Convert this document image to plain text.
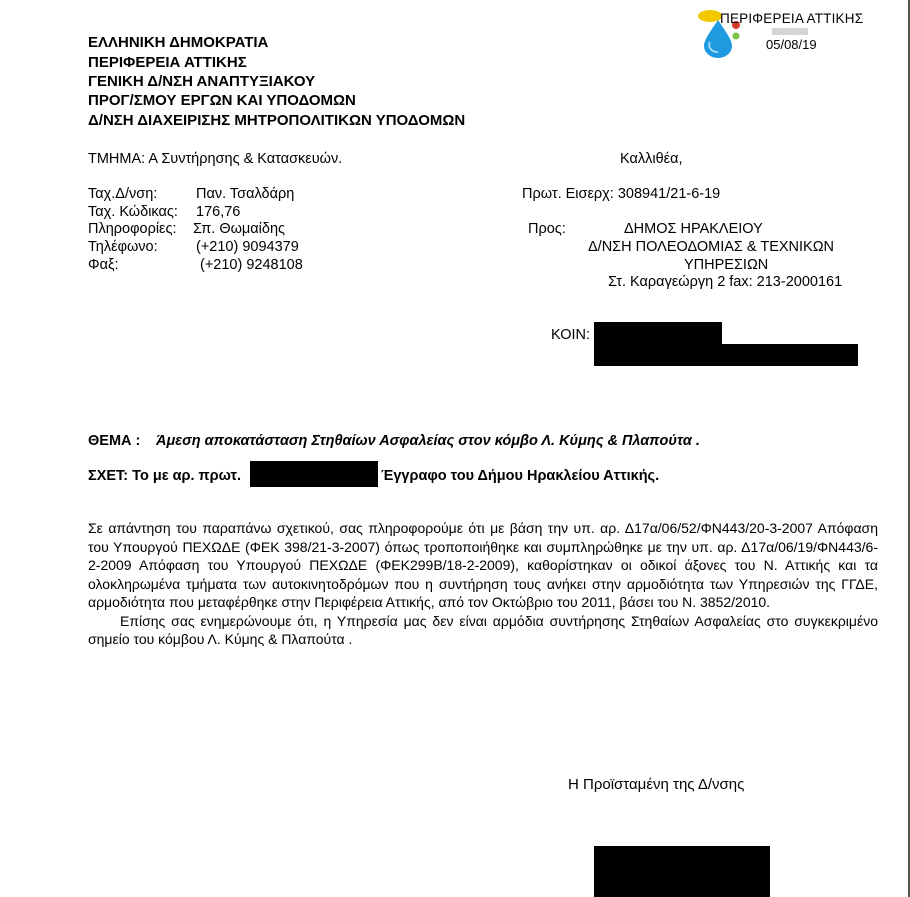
ΠΕΡΙΦΕΡΕΙΑ ΑΤΤΙΚΗΣ
05/08/19
ΕΛΛΗΝΙΚΗ ΔΗΜΟΚΡΑΤΙΑ
ΠΕΡΙΦΕΡΕΙΑ ΑΤΤΙΚΗΣ
ΓΕΝΙΚΗ Δ/ΝΣΗ ΑΝΑΠΤΥΞΙΑΚΟΥ
ΠΡΟΓ/ΣΜΟΥ ΕΡΓΩΝ ΚΑΙ ΥΠΟΔΟΜΩΝ
Δ/ΝΣΗ ΔΙΑΧΕΙΡΙΣΗΣ ΜΗΤΡΟΠΟΛΙΤΙΚΩΝ ΥΠΟΔΟΜΩΝ
ΤΜΗΜΑ: Α Συντήρησης & Κατασκευών.	Καλλιθέα,
Ταχ.Δ/νση:	Παν. Τσαλδάρη
Ταχ. Κώδικας: 176,76
Πληροφορίες: Σπ. Θωμαίδης
Τηλέφωνο:	(+210) 9094379
Φαξ:	(+210) 9248108
Πρωτ. Εισερχ: 308941/21-6-19
Προς:	ΔΗΜΟΣ ΗΡΑΚΛΕΙΟΥ
Δ/ΝΣΗ ΠΟΛΕΟΔΟΜΙΑΣ & ΤΕΧΝΙΚΩΝ
ΥΠΗΡΕΣΙΩΝ
Στ. Καραγεώργη 2 fax: 213-2000161
ΚΟΙΝ:
ΘΕΜΑ : Άμεση αποκατάσταση Στηθαίων Ασφαλείας στον κόμβο Λ. Κύμης & Πλαπούτα .
ΣΧΕΤ: Το με αρ. πρωτ.	Έγγραφο του Δήμου Ηρακλείου Αττικής.
Σε απάντηση του παραπάνω σχετικού, σας πληροφορούμε ότι με βάση την υπ. αρ. Δ17α/06/52/ΦΝ443/20-3-2007 Απόφαση του Υπουργού ΠΕΧΩΔΕ (ΦΕΚ 398/21-3-2007) όπως τροποποιήθηκε και συμπληρώθηκε με την υπ. αρ. Δ17α/06/19/ΦΝ443/6-2-2009 Απόφαση του Υπουργού ΠΕΧΩΔΕ (ΦΕΚ299Β/18-2-2009), καθορίστηκαν οι οδικοί άξονες του Ν. Αττικής και τα ολοκληρωμένα τμήματα των αυτοκινητοδρόμων που η συντήρηση τους ανήκει στην αρμοδιότητα των Υπηρεσιών της ΓΓΔΕ, αρμοδιότητα που μεταφέρθηκε στην Περιφέρεια Αττικής, από τον Οκτώβριο του 2011, βάσει του Ν. 3852/2010.
Επίσης σας ενημερώνουμε ότι, η Υπηρεσία μας δεν είναι αρμόδια συντήρησης Στηθαίων Ασφαλείας στο συγκεκριμένο σημείο του κόμβου Λ. Κύμης & Πλαπούτα .
Η Προϊσταμένη της Δ/νσης
